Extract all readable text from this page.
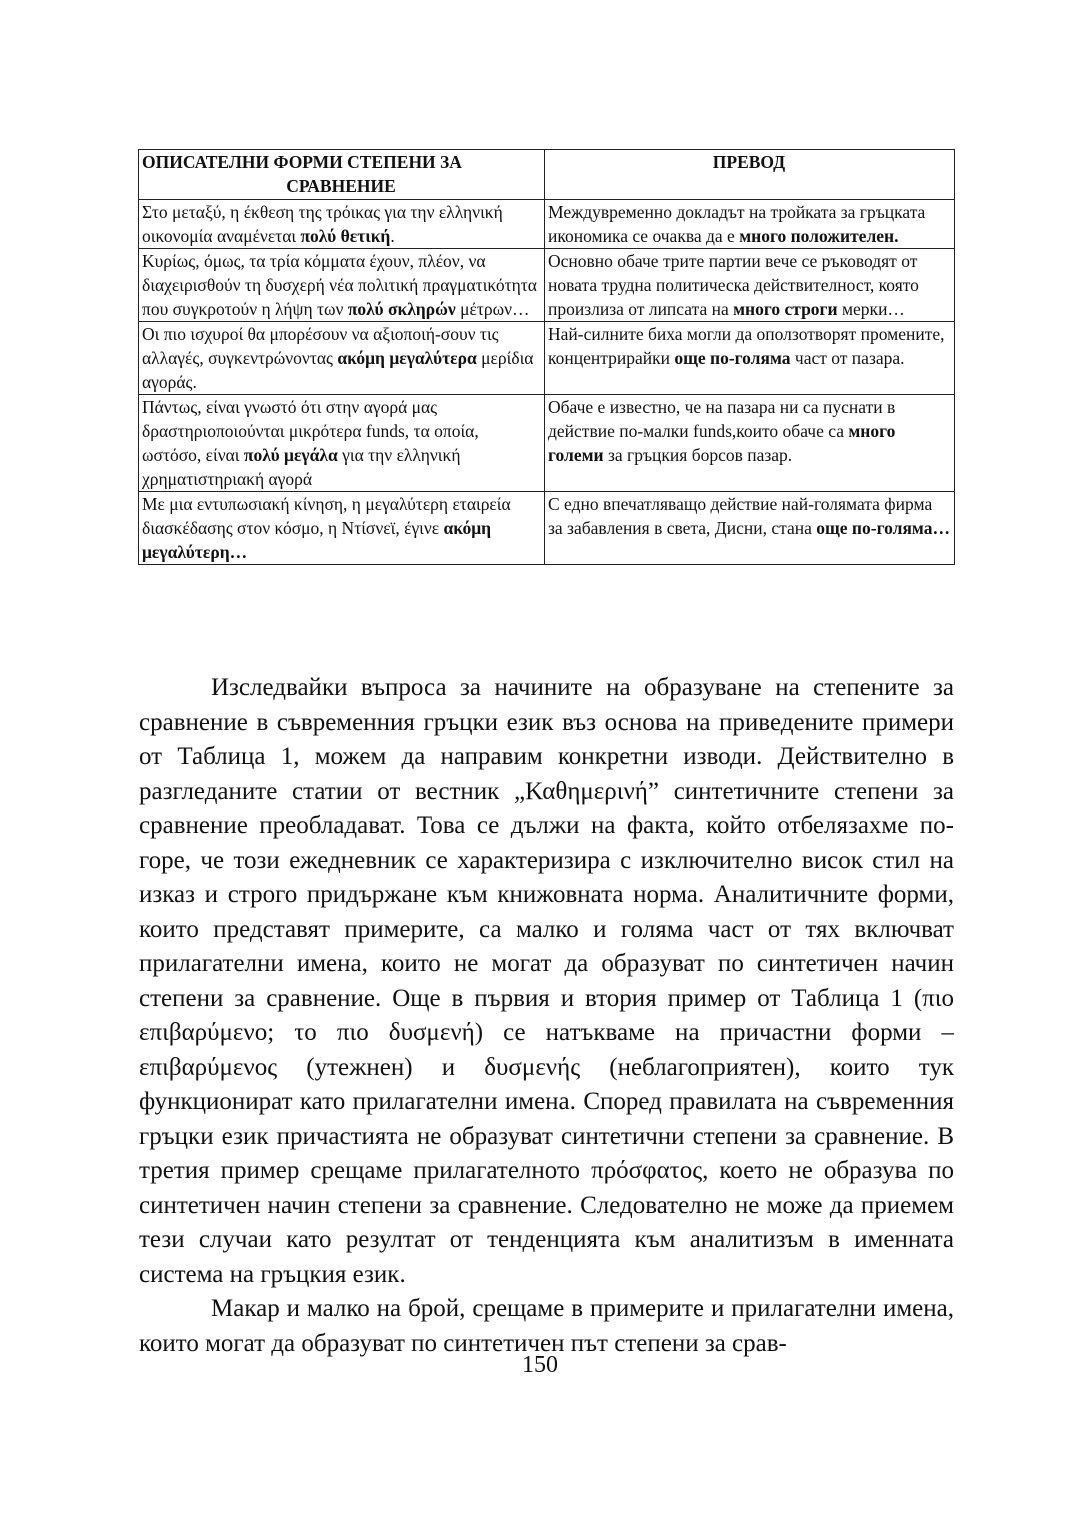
ОПИСАТЕЛНИ ФОРМИ СТЕПЕНИ ЗА
СРАВНЕНИЕ	ПРЕВОД
Στο μεταξύ, η έκθεση της τρόικας για την ελληνική οικονομία αναμένεται πολύ θετική.	Междувременно докладът на тройката за гръцката икономика се очаква да е много положителен.
Κυρίως, όμως, τα τρία κόμματα έχουν, πλέον, να διαχειρισθούν τη δυσχερή νέα πολιτική πραγματικότητα που συγκροτούν η λήψη των πολύ σκληρών μέτρων…	Основно обаче трите партии вече се ръководят от новата трудна политическа действителност, която произлиза от липсата на много строги мерки…
Οι πιο ισχυροί θα μπορέσουν να αξιοποιή-σουν τις αλλαγές, συγκεντρώνοντας ακόμη μεγαλύτερα μερίδια αγοράς.	Най-силните биха могли да оползотворят промените, концентрирайки още по-голяма част от пазара.
Πάντως, είναι γνωστό ότι στην αγορά μας δραστηριοποιούνται μικρότερα funds, τα οποία, ωστόσο, είναι πολύ μεγάλα για την ελληνική χρηματιστηριακή αγορά	Обаче е известно, че на пазара ни са пуснати в действие по-малки funds,които обаче са много големи за гръцкия борсов пазар.
Με μια εντυπωσιακή κίνηση, η μεγαλύτερη εταιρεία διασκέδασης στον κόσμο, η Ντίσνεϊ, έγινε ακόμη μεγαλύτερη…	С едно впечатляващо действие най-голямата фирма за забавления в света, Дисни, стана още по-голяма…

Изследвайки въпроса за начините на образуване на степените за сравнение в съвременния гръцки език въз основа на приведените примери от Таблица 1, можем да направим конкретни изводи. Действително в разгледаните статии от вестник „Καθημερινή” синтетичните степени за сравнение преобладават. Това се дължи на факта, който отбелязахме по-горе, че този ежедневник се характеризира с изключително висок стил на изказ и строго придържане към книжовната норма. Аналитичните форми, които представят примерите, са малко и голяма част от тях включват прилагателни имена, които не могат да образуват по синтетичен начин степени за сравнение. Още в първия и втория пример от Таблица 1 (πιο επιβαρύμενο; το πιο δυσμενή) се натъкваме на причастни форми – επιβαρύμενος (утежнен) и δυσμενής (неблагоприятен), които тук функционират като прилагателни имена. Според правилата на съвременния гръцки език причастията не образуват синтетични степени за сравнение. В третия пример срещаме прилагателното πρόσφατος, което не образува по синтетичен начин степени за сравнение. Следователно не може да приемем тези случаи като резултат от тенденцията към аналитизъм в именната система на гръцкия език.

Макар и малко на брой, срещаме в примерите и прилагателни имена, които могат да образуват по синтетичен път степени за срав-

150
